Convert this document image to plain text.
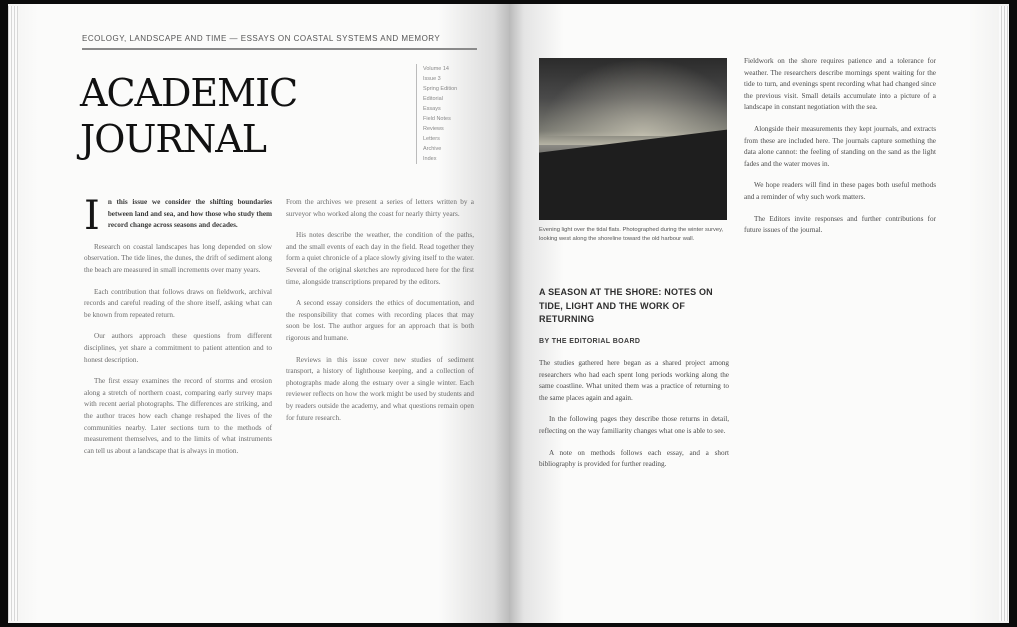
ECOLOGY, LANDSCAPE AND TIME — ESSAYS ON COASTAL SYSTEMS AND MEMORY
ACADEMIC
JOURNAL
Volume 14
Issue 3
Spring Edition
Editorial
Essays
Field Notes
Reviews
Letters
Archive
Index

I n this issue we consider the shifting boundaries between land and sea, and how those who study them record change across seasons and decades.

Research on coastal landscapes has long depended on slow observation. The tide lines, the dunes, the drift of sediment along the beach are measured in small increments over many years.

Each contribution that follows draws on fieldwork, archival records and careful reading of the shore itself, asking what can be known from repeated return.

Our authors approach these questions from different disciplines, yet share a commitment to patient attention and to honest description.

The first essay examines the record of storms and erosion along a stretch of northern coast, comparing early survey maps with recent aerial photographs. The differences are striking, and the author traces how each change reshaped the lives of the communities nearby. Later sections turn to the methods of measurement themselves, and to the limits of what instruments can tell us about a landscape that is always in motion.

From the archives we present a series of letters written by a surveyor who worked along the coast for nearly thirty years.

His notes describe the weather, the condition of the paths, and the small events of each day in the field. Read together they form a quiet chronicle of a place slowly giving itself to the water. Several of the original sketches are reproduced here for the first time, alongside transcriptions prepared by the editors.

A second essay considers the ethics of documentation, and the responsibility that comes with recording places that may soon be lost. The author argues for an approach that is both rigorous and humane.

Reviews in this issue cover new studies of sediment transport, a history of lighthouse keeping, and a collection of photographs made along the estuary over a single winter. Each reviewer reflects on how the work might be used by students and by readers outside the academy, and what questions remain open for future research.

Evening light over the tidal flats. Photographed during the winter survey, looking west along the shoreline toward the old harbour wall.
A SEASON AT THE SHORE: NOTES ON TIDE, LIGHT AND THE WORK OF RETURNING
BY THE EDITORIAL BOARD

The studies gathered here began as a shared project among researchers who had each spent long periods working along the same coastline. What united them was a practice of returning to the same places again and again.

In the following pages they describe those returns in detail, reflecting on the way familiarity changes what one is able to see.

A note on methods follows each essay, and a short bibliography is provided for further reading.

Fieldwork on the shore requires patience and a tolerance for weather. The researchers describe mornings spent waiting for the tide to turn, and evenings spent recording what had changed since the previous visit. Small details accumulate into a picture of a landscape in constant negotiation with the sea.

Alongside their measurements they kept journals, and extracts from these are included here. The journals capture something the data alone cannot: the feeling of standing on the sand as the light fades and the water moves in.

We hope readers will find in these pages both useful methods and a reminder of why such work matters.

The Editors invite responses and further contributions for future issues of the journal.
